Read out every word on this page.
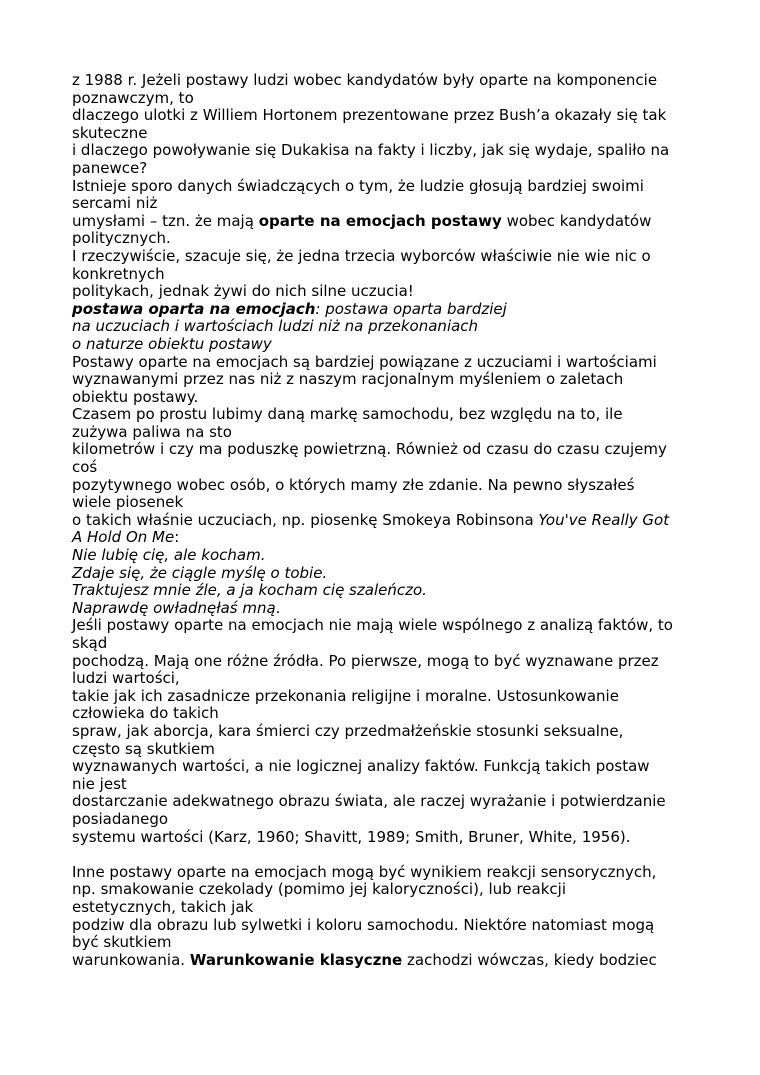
z 1988 r. Jeżeli postawy ludzi wobec kandydatów były oparte na komponencie
poznawczym, to
dlaczego ulotki z Williem Hortonem prezentowane przez Bush’a okazały się tak
skuteczne
i dlaczego powoływanie się Dukakisa na fakty i liczby, jak się wydaje, spaliło na
panewce?
Istnieje sporo danych świadczących o tym, że ludzie głosują bardziej swoimi
sercami niż
umysłami – tzn. że mają oparte na emocjach postawy wobec kandydatów
politycznych.
I rzeczywiście, szacuje się, że jedna trzecia wyborców właściwie nie wie nic o
konkretnych
politykach, jednak żywi do nich silne uczucia!
postawa oparta na emocjach: postawa oparta bardziej
na uczuciach i wartościach ludzi niż na przekonaniach
o naturze obiektu postawy
Postawy oparte na emocjach są bardziej powiązane z uczuciami i wartościami
wyznawanymi przez nas niż z naszym racjonalnym myśleniem o zaletach
obiektu postawy.
Czasem po prostu lubimy daną markę samochodu, bez względu na to, ile
zużywa paliwa na sto
kilometrów i czy ma poduszkę powietrzną. Również od czasu do czasu czujemy
coś
pozytywnego wobec osób, o których mamy złe zdanie. Na pewno słyszałeś
wiele piosenek
o takich właśnie uczuciach, np. piosenkę Smokeya Robinsona You've Really Got
A Hold On Me:
Nie lubię cię, ale kocham.
Zdaje się, że ciągle myślę o tobie.
Traktujesz mnie źle, a ja kocham cię szaleńczo.
Naprawdę owładnęłaś mną.
Jeśli postawy oparte na emocjach nie mają wiele wspólnego z analizą faktów, to
skąd
pochodzą. Mają one różne źródła. Po pierwsze, mogą to być wyznawane przez
ludzi wartości,
takie jak ich zasadnicze przekonania religijne i moralne. Ustosunkowanie
człowieka do takich
spraw, jak aborcja, kara śmierci czy przedmałżeńskie stosunki seksualne,
często są skutkiem
wyznawanych wartości, a nie logicznej analizy faktów. Funkcją takich postaw
nie jest
dostarczanie adekwatnego obrazu świata, ale raczej wyrażanie i potwierdzanie
posiadanego
systemu wartości (Karz, 1960; Shavitt, 1989; Smith, Bruner, White, 1956).
Inne postawy oparte na emocjach mogą być wynikiem reakcji sensorycznych,
np. smakowanie czekolady (pomimo jej kaloryczności), lub reakcji
estetycznych, takich jak
podziw dla obrazu lub sylwetki i koloru samochodu. Niektóre natomiast mogą
być skutkiem
warunkowania. Warunkowanie klasyczne zachodzi wówczas, kiedy bodziec
